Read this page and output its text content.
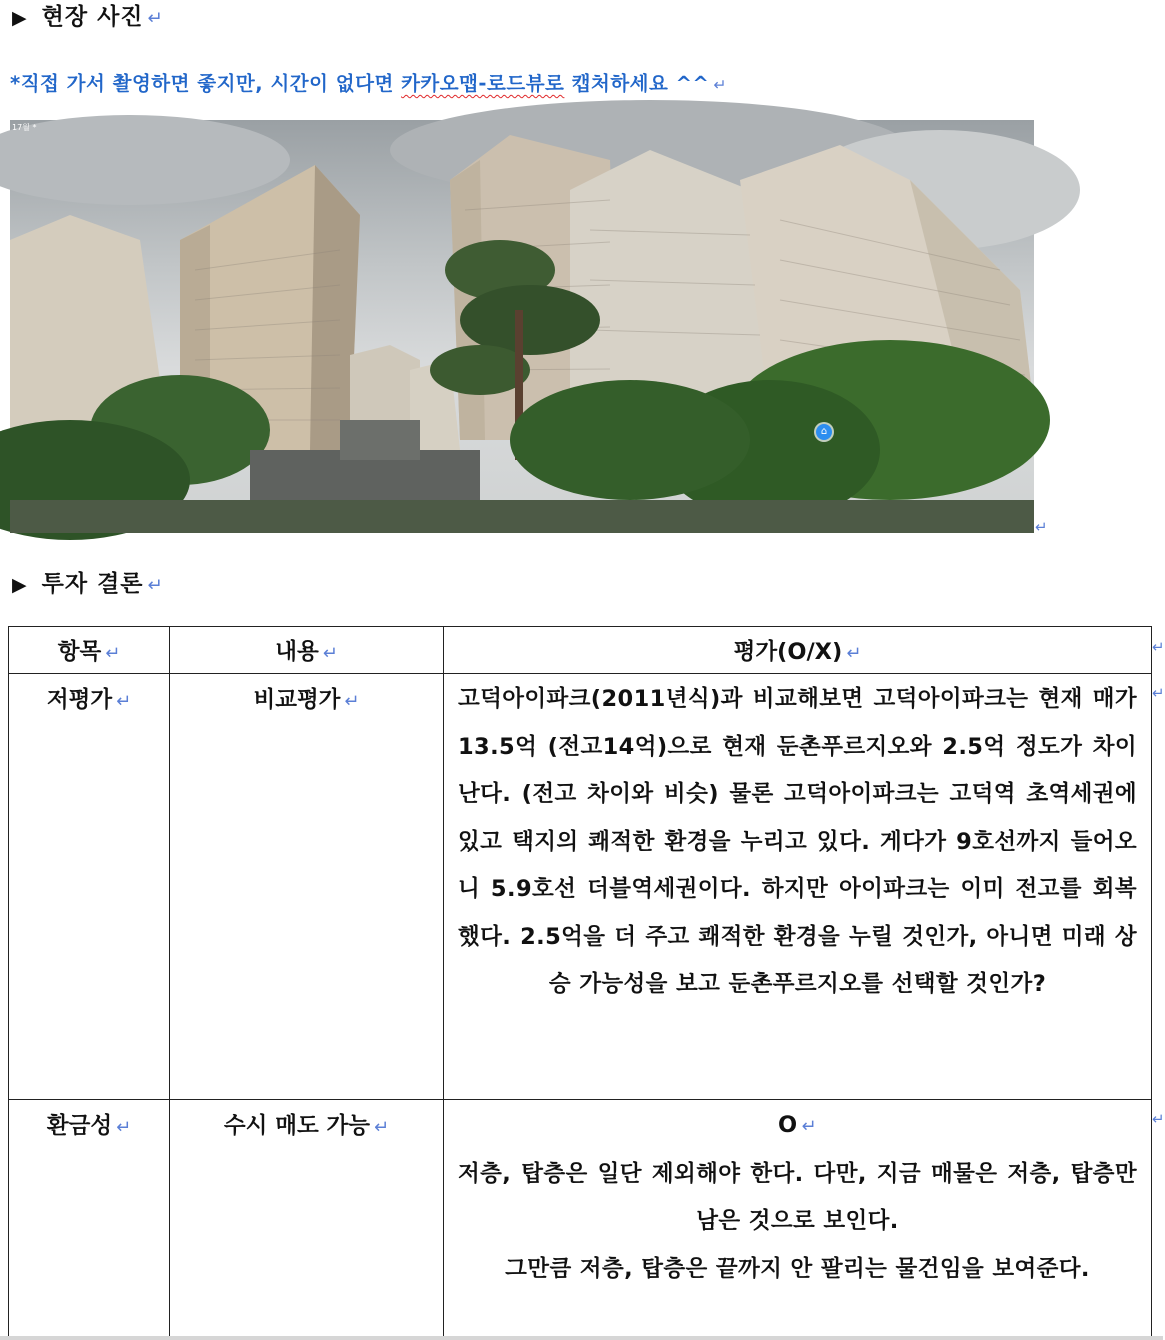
▶ 현장 사진 ↵
*직접 가서 촬영하면 좋지만, 시간이 없다면 카카오맵-로드뷰로 캡처하세요 ^^ ↵
17월 *
⌂
↵
▶ 투자 결론 ↵
항목 ↵	내용 ↵	평가(O/X) ↵

저평가 ↵	비교평가 ↵	고덕아이파크(2011년식)과 비교해보면 고덕아이파크는 현재 매가 13.5억 (전고14억)으로 현재 둔촌푸르지오와 2.5억 정도가 차이난다. (전고 차이와 비슷) 물론 고덕아이파크는 고덕역 초역세권에 있고 택지의 쾌적한 환경을 누리고 있다. 게다가 9호선까지 들어오니 5.9호선 더블역세권이다. 하지만 아이파크는 이미 전고를 회복했다. 2.5억을 더 주고 쾌적한 환경을 누릴 것인가, 아니면 미래 상승 가능성을 보고 둔촌푸르지오를 선택할 것인가?

환금성 ↵	수시 매도 가능 ↵	O ↵
저층, 탑층은 일단 제외해야 한다. 다만, 지금 매물은 저층, 탑층만 남은 것으로 보인다.
그만큼 저층, 탑층은 끝까지 안 팔리는 물건임을 보여준다.
↵
↵
↵
